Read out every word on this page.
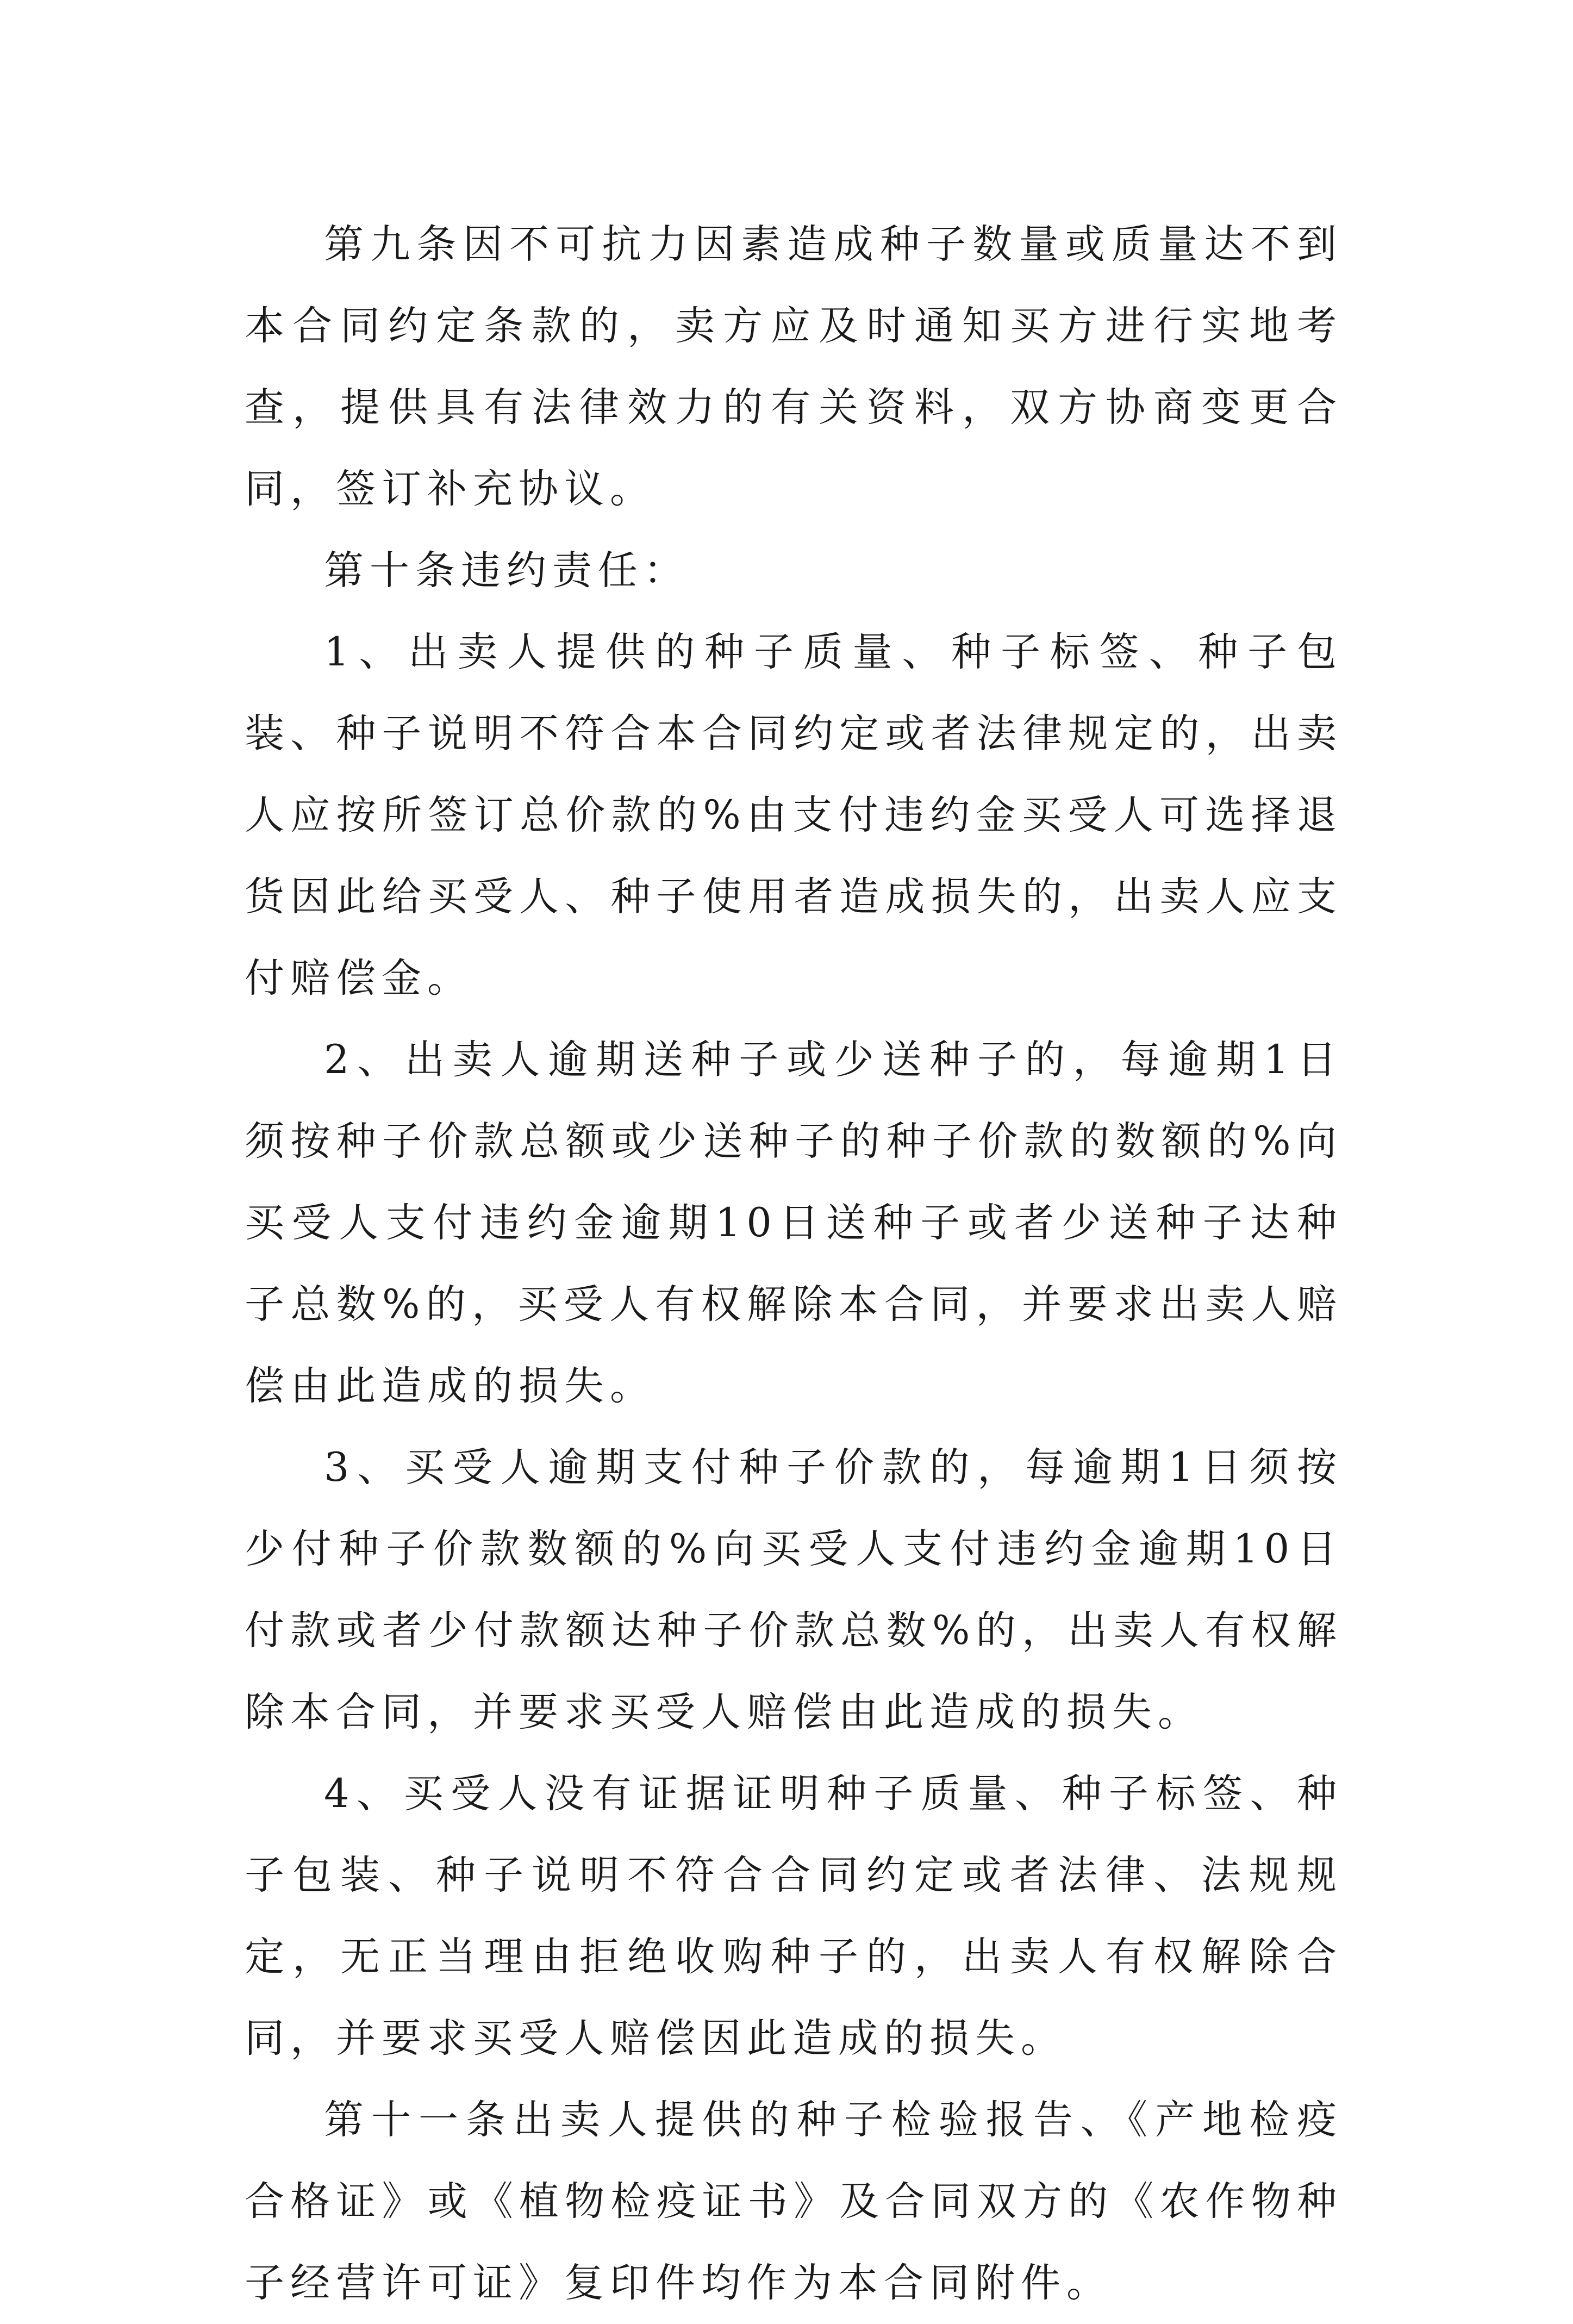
第九条因不可抗力因素造成种子数量或质量达不到本合同约定条款的，卖方应及时通知买方进行实地考查，提供具有法律效力的有关资料，双方协商变更合同，签订补充协议。

第十条违约责任：

1、出卖人提供的种子质量、种子标签、种子包装、种子说明不符合本合同约定或者法律规定的，出卖人应按所签订总价款的%由支付违约金买受人可选择退货因此给买受人、种子使用者造成损失的，出卖人应支付赔偿金。

2、出卖人逾期送种子或少送种子的，每逾期1日须按种子价款总额或少送种子的种子价款的数额的%向买受人支付违约金逾期10日送种子或者少送种子达种子总数%的，买受人有权解除本合同，并要求出卖人赔偿由此造成的损失。

3、买受人逾期支付种子价款的，每逾期1日须按少付种子价款数额的%向买受人支付违约金逾期10日付款或者少付款额达种子价款总数%的，出卖人有权解除本合同，并要求买受人赔偿由此造成的损失。

4、买受人没有证据证明种子质量、种子标签、种子包装、种子说明不符合合同约定或者法律、法规规定，无正当理由拒绝收购种子的，出卖人有权解除合同，并要求买受人赔偿因此造成的损失。

第十一条出卖人提供的种子检验报告、《产地检疫合格证》或《植物检疫证书》及合同双方的《农作物种子经营许可证》复印件均作为本合同附件。
